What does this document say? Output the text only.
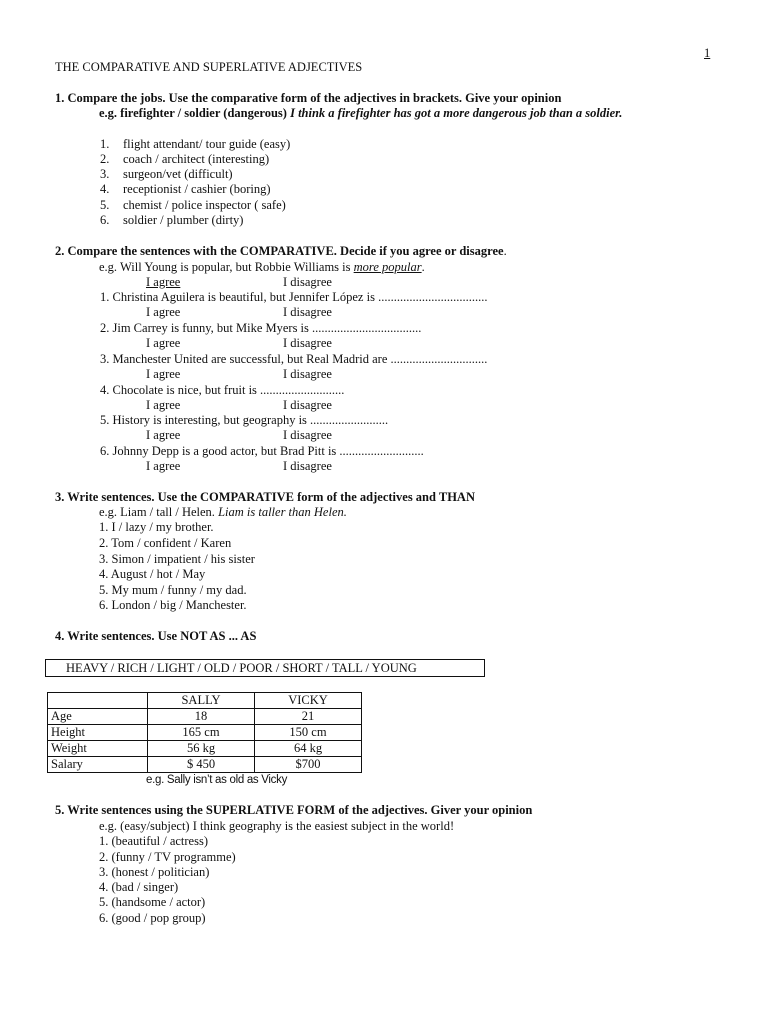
1
THE COMPARATIVE AND SUPERLATIVE ADJECTIVES
1. Compare the jobs. Use the comparative form of the adjectives in brackets. Give your opinion
e.g. firefighter / soldier (dangerous) I think a firefighter has got a more dangerous job than a soldier.
1. flight attendant/ tour guide (easy)
2. coach / architect (interesting)
3. surgeon/vet (difficult)
4. receptionist / cashier (boring)
5. chemist / police inspector ( safe)
6. soldier / plumber (dirty)
2. Compare the sentences with the COMPARATIVE. Decide if you agree or disagree.
e.g. Will Young is popular, but Robbie Williams is more popular.
I agree	I disagree
1. Christina Aguilera is beautiful, but Jennifer López is ...................................
I agree	I disagree
2. Jim Carrey is funny, but Mike Myers is ...................................
I agree	I disagree
3. Manchester United are successful, but Real Madrid are ...............................
I agree	I disagree
4. Chocolate is nice, but fruit is ...........................
I agree	I disagree
5. History is interesting, but geography is .........................
I agree	I disagree
6. Johnny Depp is a good actor, but Brad Pitt is ...........................
I agree	I disagree
3. Write sentences. Use the COMPARATIVE form of the adjectives and THAN
e.g. Liam / tall / Helen. Liam is taller than Helen.
1. I / lazy / my brother.
2. Tom / confident / Karen
3. Simon / impatient / his sister
4. August / hot / May
5. My mum / funny / my dad.
6. London / big / Manchester.
4. Write sentences. Use NOT AS ... AS
HEAVY / RICH / LIGHT / OLD / POOR / SHORT / TALL / YOUNG
	SALLY	VICKY
Age	18	21
Height	165 cm	150 cm
Weight	56 kg	64 kg
Salary	$ 450	$700
e.g. Sally isn’t as old as Vicky
5. Write sentences using the SUPERLATIVE FORM of the adjectives. Giver your opinion
e.g. (easy/subject) I think geography is the easiest subject in the world!
1. (beautiful / actress)
2. (funny / TV programme)
3. (honest / politician)
4. (bad / singer)
5. (handsome / actor)
6. (good / pop group)
